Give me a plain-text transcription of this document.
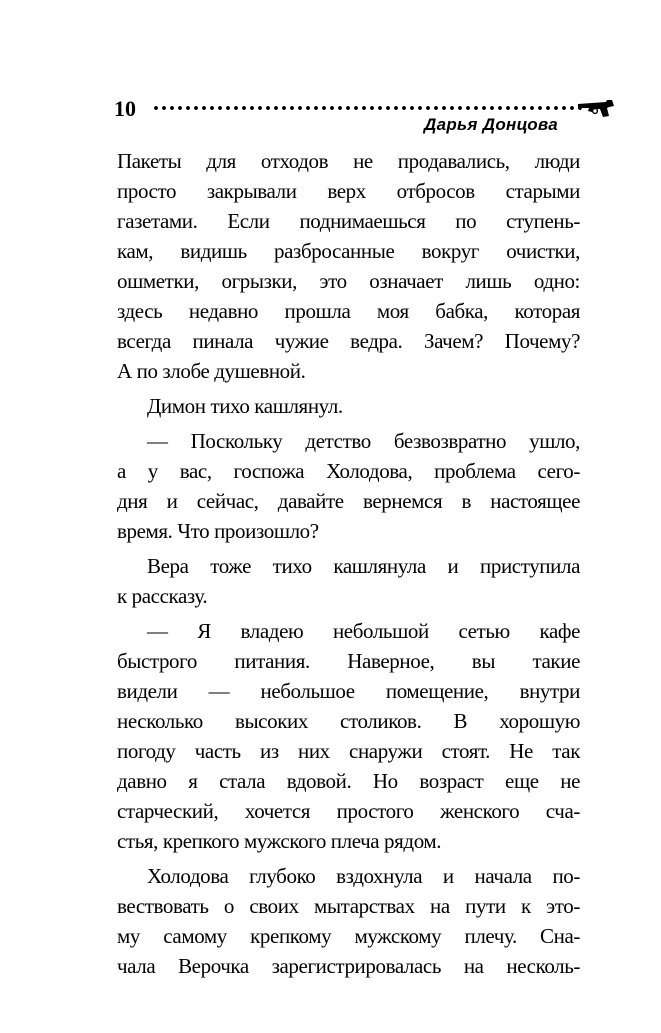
10
Дарья Донцова
Пакеты для отходов не продавались, люди
просто закрывали верх отбросов старыми
газетами. Если поднимаешься по ступень-
кам, видишь разбросанные вокруг очистки,
ошметки, огрызки, это означает лишь одно:
здесь недавно прошла моя бабка, которая
всегда пинала чужие ведра. Зачем? Почему?
А по злобе душевной.
Димон тихо кашлянул.
— Поскольку детство безвозвратно ушло,
а у вас, госпожа Холодова, проблема сего-
дня и сейчас, давайте вернемся в настоящее
время. Что произошло?
Вера тоже тихо кашлянула и приступила
к рассказу.
— Я владею небольшой сетью кафе
быстрого питания. Наверное, вы такие
видели — небольшое помещение, внутри
несколько высоких столиков. В хорошую
погоду часть из них снаружи стоят. Не так
давно я стала вдовой. Но возраст еще не
старческий, хочется простого женского сча-
стья, крепкого мужского плеча рядом.
Холодова глубоко вздохнула и начала по-
вествовать о своих мытарствах на пути к это-
му самому крепкому мужскому плечу. Сна-
чала Верочка зарегистрировалась на несколь-
